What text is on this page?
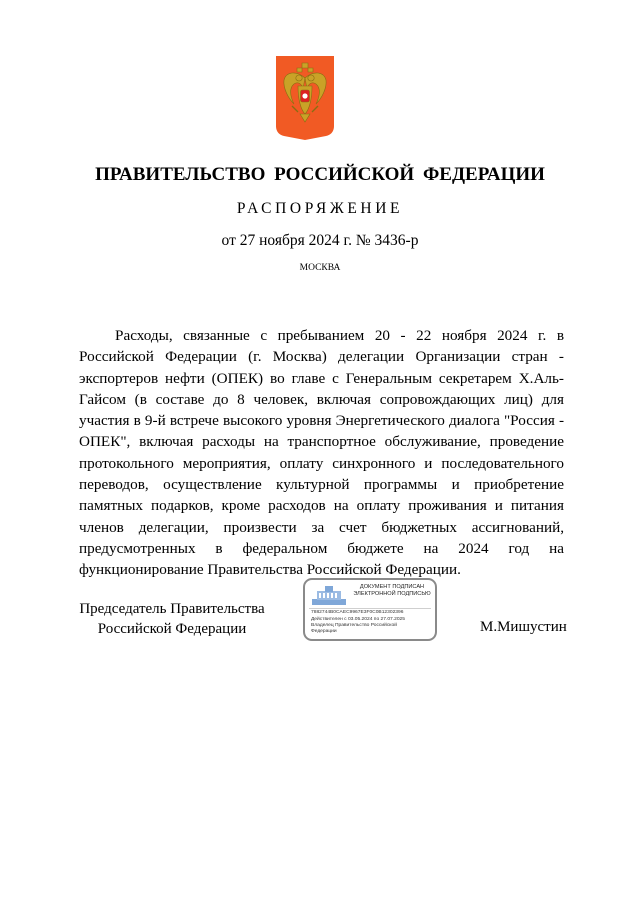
ПРАВИТЕЛЬСТВО РОССИЙСКОЙ ФЕДЕРАЦИИ
РАСПОРЯЖЕНИЕ
от 27 ноября 2024 г. № 3436-р
МОСКВА
Расходы, связанные с пребыванием 20 - 22 ноября 2024 г. в Российской Федерации (г. Москва) делегации Организации стран - экспортеров нефти (ОПЕК) во главе с Генеральным секретарем Х.Аль-Гайсом (в составе до 8 человек, включая сопровождающих лиц) для участия в 9-й встрече высокого уровня Энергетического диалога "Россия - ОПЕК", включая расходы на транспортное обслуживание, проведение протокольного мероприятия, оплату синхронного и последовательного переводов, осуществление культурной программы и приобретение памятных подарков, кроме расходов на оплату проживания и питания членов делегации, произвести за счет бюджетных ассигнований, предусмотренных в федеральном бюджете на 2024 год на функционирование Правительства Российской Федерации.
Председатель Правительства
Российской Федерации
ДОКУМЕНТ ПОДПИСАН
ЭЛЕКТРОННОЙ ПОДПИСЬЮ
7882744B0CAEC9967E3F0C0B12302396
Действителен с 03.05.2024 по 27.07.2025
Владелец Правительство Российской
Федерации	М.Мишустин
